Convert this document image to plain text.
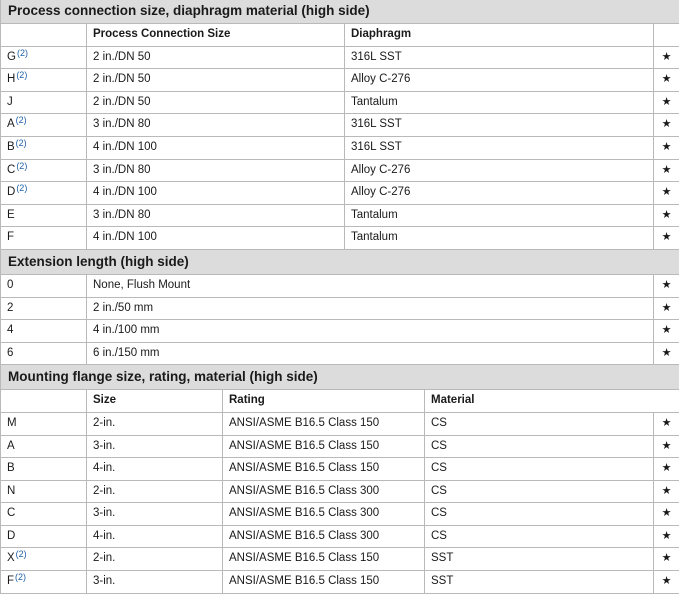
Process connection size, diaphragm material (high side)					
	Process Connection Size		Diaphragm		
$G^{(2)}$	2 in./DN 50		316L SST		★
$H^{(2)}$	2 in./DN 50		Alloy C-276		★
J	2 in./DN 50		Tantalum		★
$A^{(2)}$	3 in./DN 80		316L SST		★
$B^{(2)}$	4 in./DN 100		316L SST		★
$C^{(2)}$	3 in./DN 80		Alloy C-276		★
$D^{(2)}$	4 in./DN 100		Alloy C-276		★
E	3 in./DN 80		Tantalum		★
F	4 in./DN 100		Tantalum		★
Extension length (high side)					
0	None, Flush Mount				★
2	2 in./50 mm				★
4	4 in./100 mm				★
6	6 in./150 mm				★
Mounting flange size, rating, material (high side)					
	Size	Rating		Material	
M	2-in.	ANSI/ASME B16.5 Class 150		CS	★
A	3-in.	ANSI/ASME B16.5 Class 150		CS	★
B	4-in.	ANSI/ASME B16.5 Class 150		CS	★
N	2-in.	ANSI/ASME B16.5 Class 300		CS	★
C	3-in.	ANSI/ASME B16.5 Class 300		CS	★
D	4-in.	ANSI/ASME B16.5 Class 300		CS	★
$X^{(2)}$	2-in.	ANSI/ASME B16.5 Class 150		SST	★
$F^{(2)}$	3-in.	ANSI/ASME B16.5 Class 150		SST	★
